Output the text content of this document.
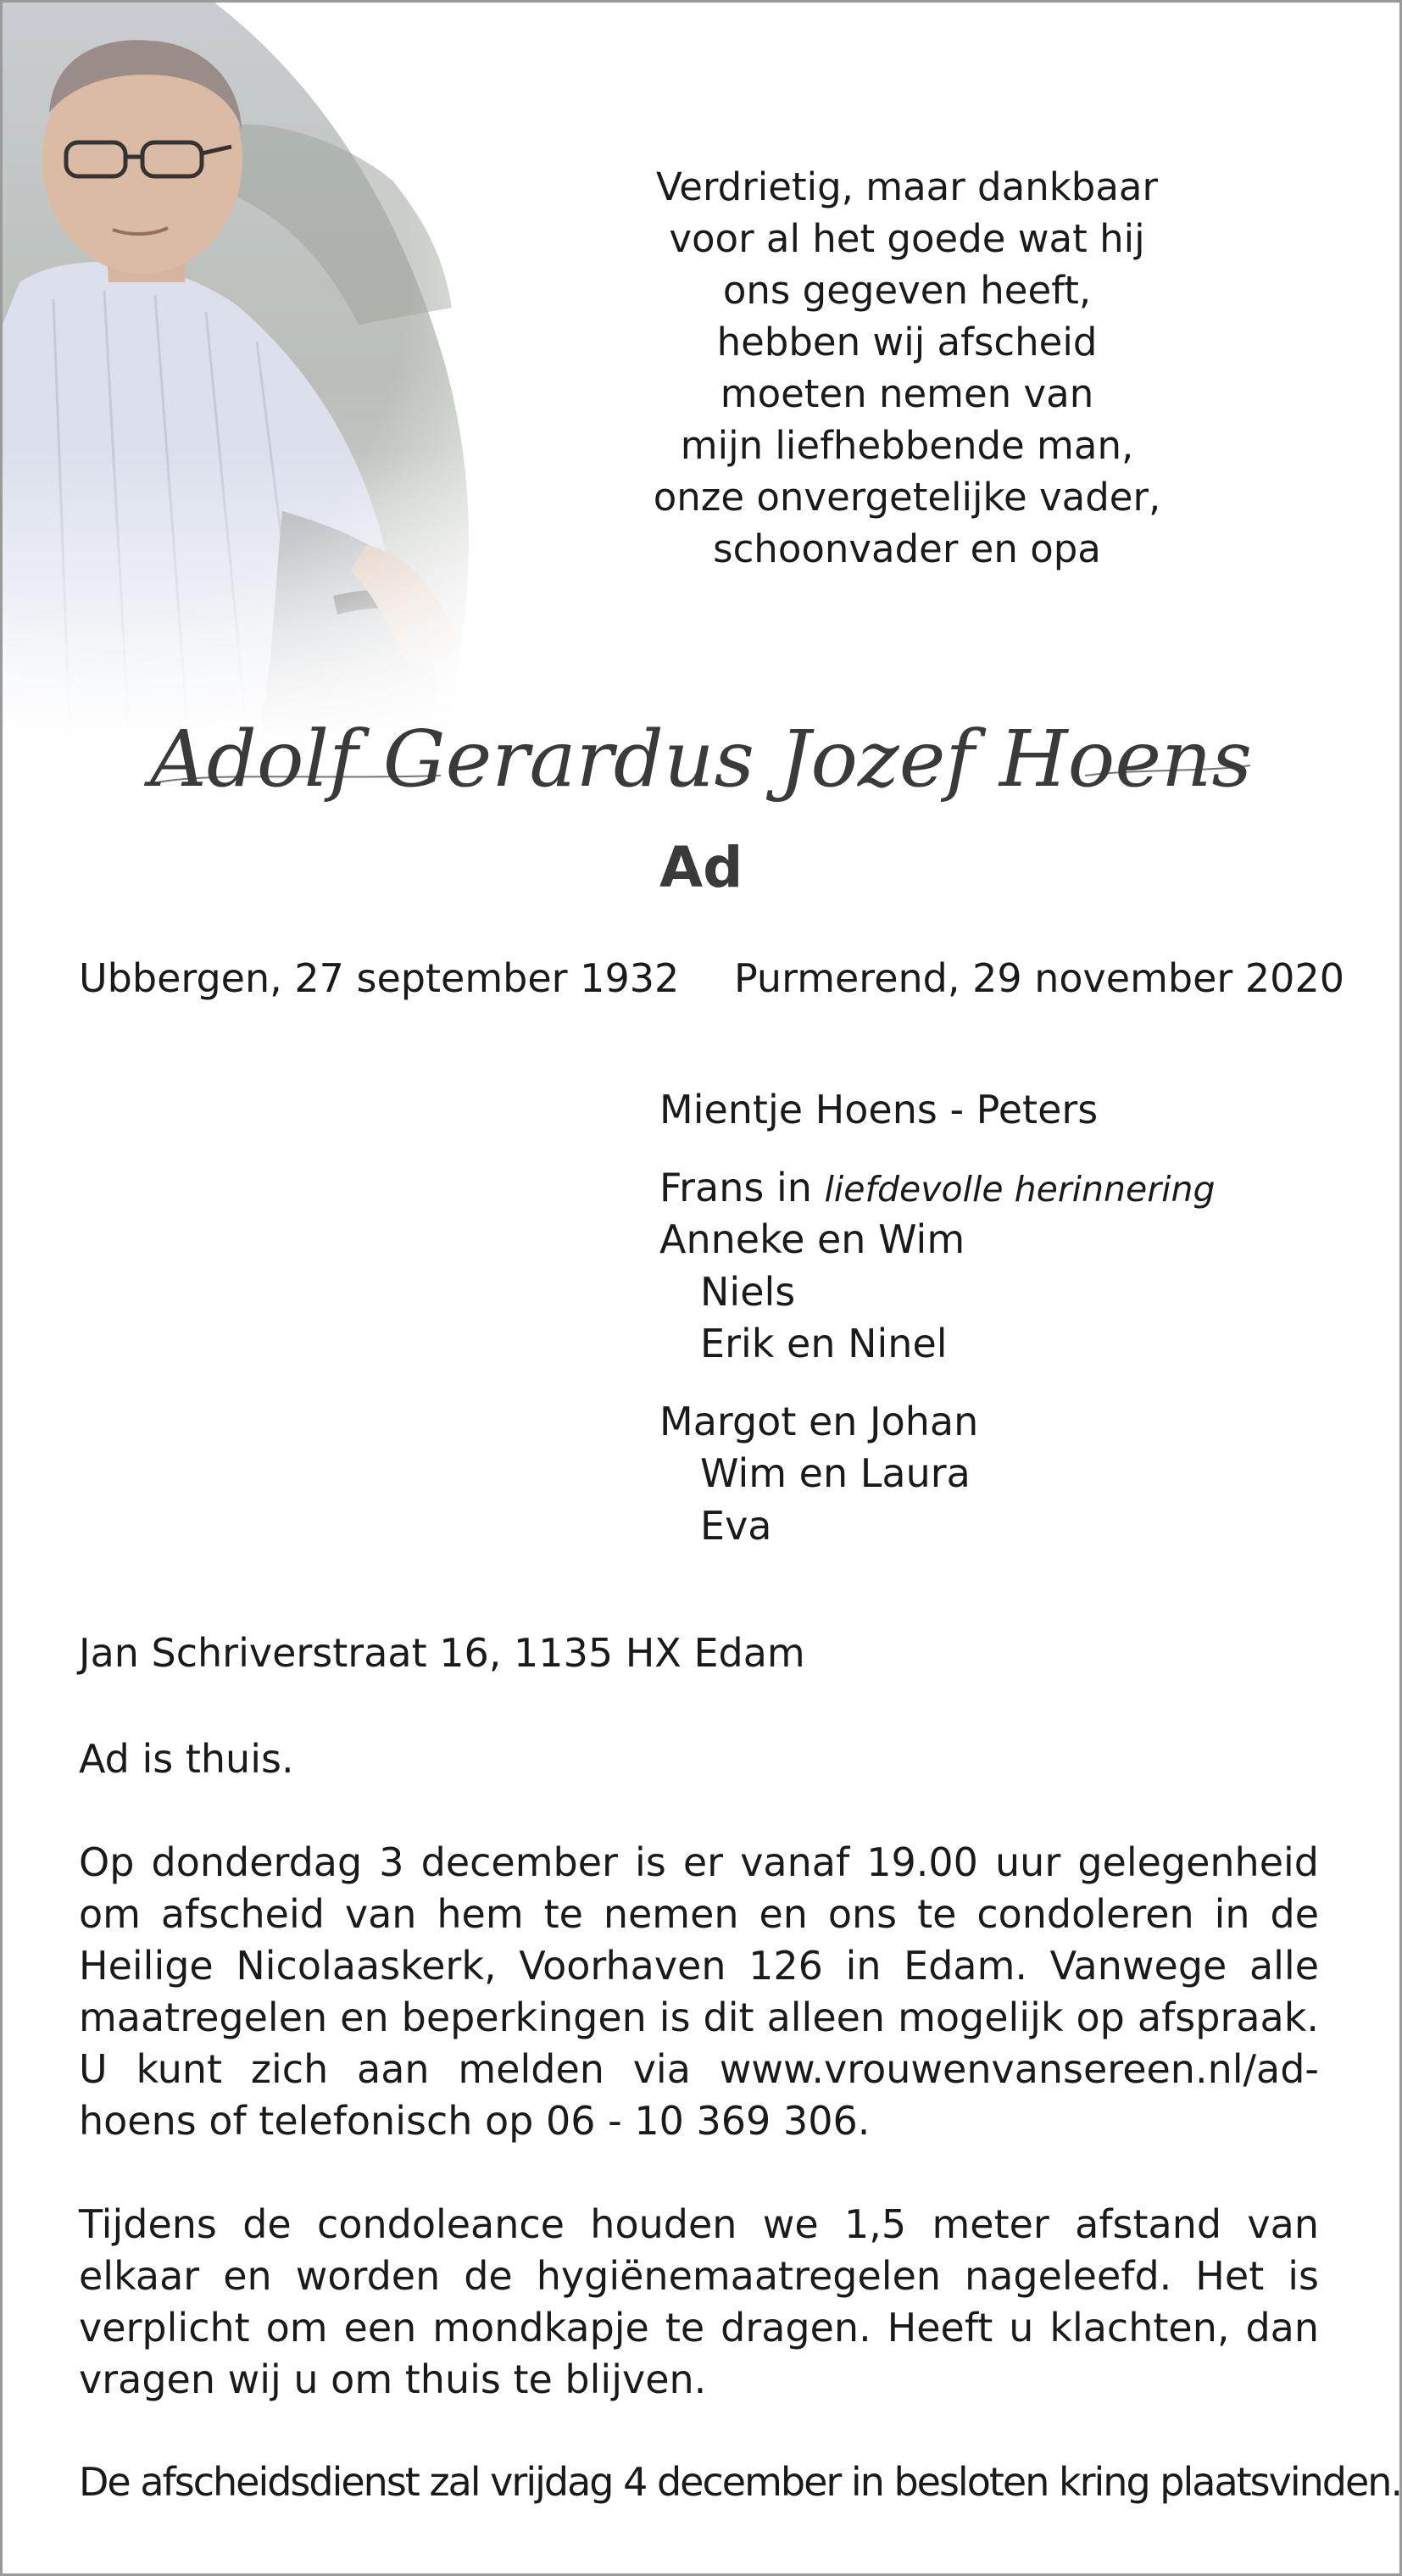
Verdrietig, maar dankbaar
voor al het goede wat hij
ons gegeven heeft,
hebben wij afscheid
moeten nemen van
mijn liefhebbende man,
onze onvergetelijke vader,
schoonvader en opa
Adolf Gerardus Jozef Hoens
Ad
Ubbergen, 27 september 1932 Purmerend, 29 november 2020
Mientje Hoens - Peters
Frans in liefdevolle herinnering
Anneke en Wim
Niels
Erik en Ninel
Margot en Johan
Wim en Laura
Eva
Jan Schriverstraat 16, 1135 HX Edam
Ad is thuis.
Op donderdag 3 december is er vanaf 19.00 uur gelegenheid om afscheid van hem te nemen en ons te condoleren in de Heilige Nicolaaskerk, Voorhaven 126 in Edam. Vanwege alle maatregelen en beperkingen is dit alleen mogelijk op afspraak. U kunt zich aan melden via www.vrouwenvansereen.nl/ad-hoens of telefonisch op 06 - 10 369 306.
Tijdens de condoleance houden we 1,5 meter afstand van elkaar en worden de hygiënemaatregelen nageleefd. Het is verplicht om een mondkapje te dragen. Heeft u klachten, dan vragen wij u om thuis te blijven.
De afscheidsdienst zal vrijdag 4 december in besloten kring plaatsvinden.
